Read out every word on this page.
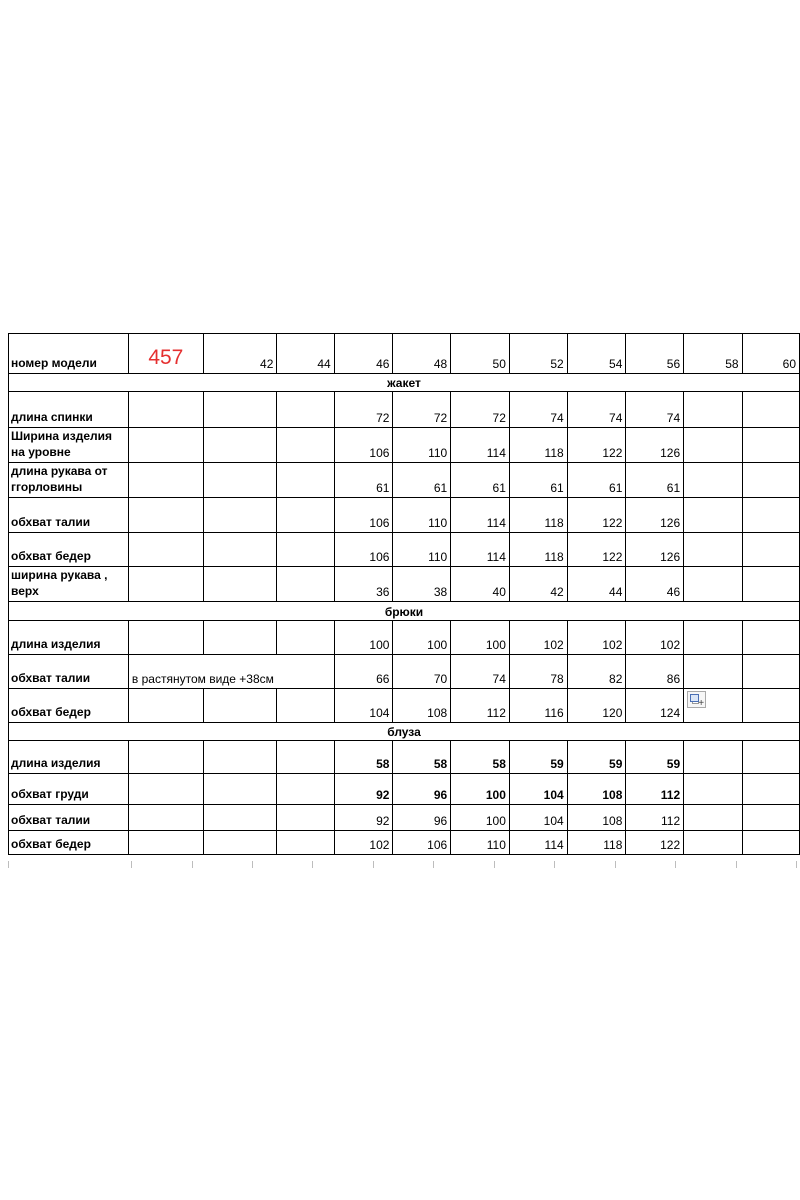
номер модели	457	42	44	46	48	50	52	54	56	58	60
жакет											
длина спинки				72	72	72	74	74	74		
Ширина изделия на уровне				106	110	114	118	122	126		
длина рукава от ггорловины				61	61	61	61	61	61		
обхват талии				106	110	114	118	122	126		
обхват бедер				106	110	114	118	122	126		
ширина рукава , верх				36	38	40	42	44	46		
брюки											
длина изделия				100	100	100	102	102	102		
обхват талии	в растянутом виде +38см			66	70	74	78	82	86		
обхват бедер				104	108	112	116	120	124	+	

блуза											
длина изделия				58	58	58	59	59	59		
обхват груди				92	96	100	104	108	112		
обхват талии				92	96	100	104	108	112		
обхват бедер				102	106	110	114	118	122		
